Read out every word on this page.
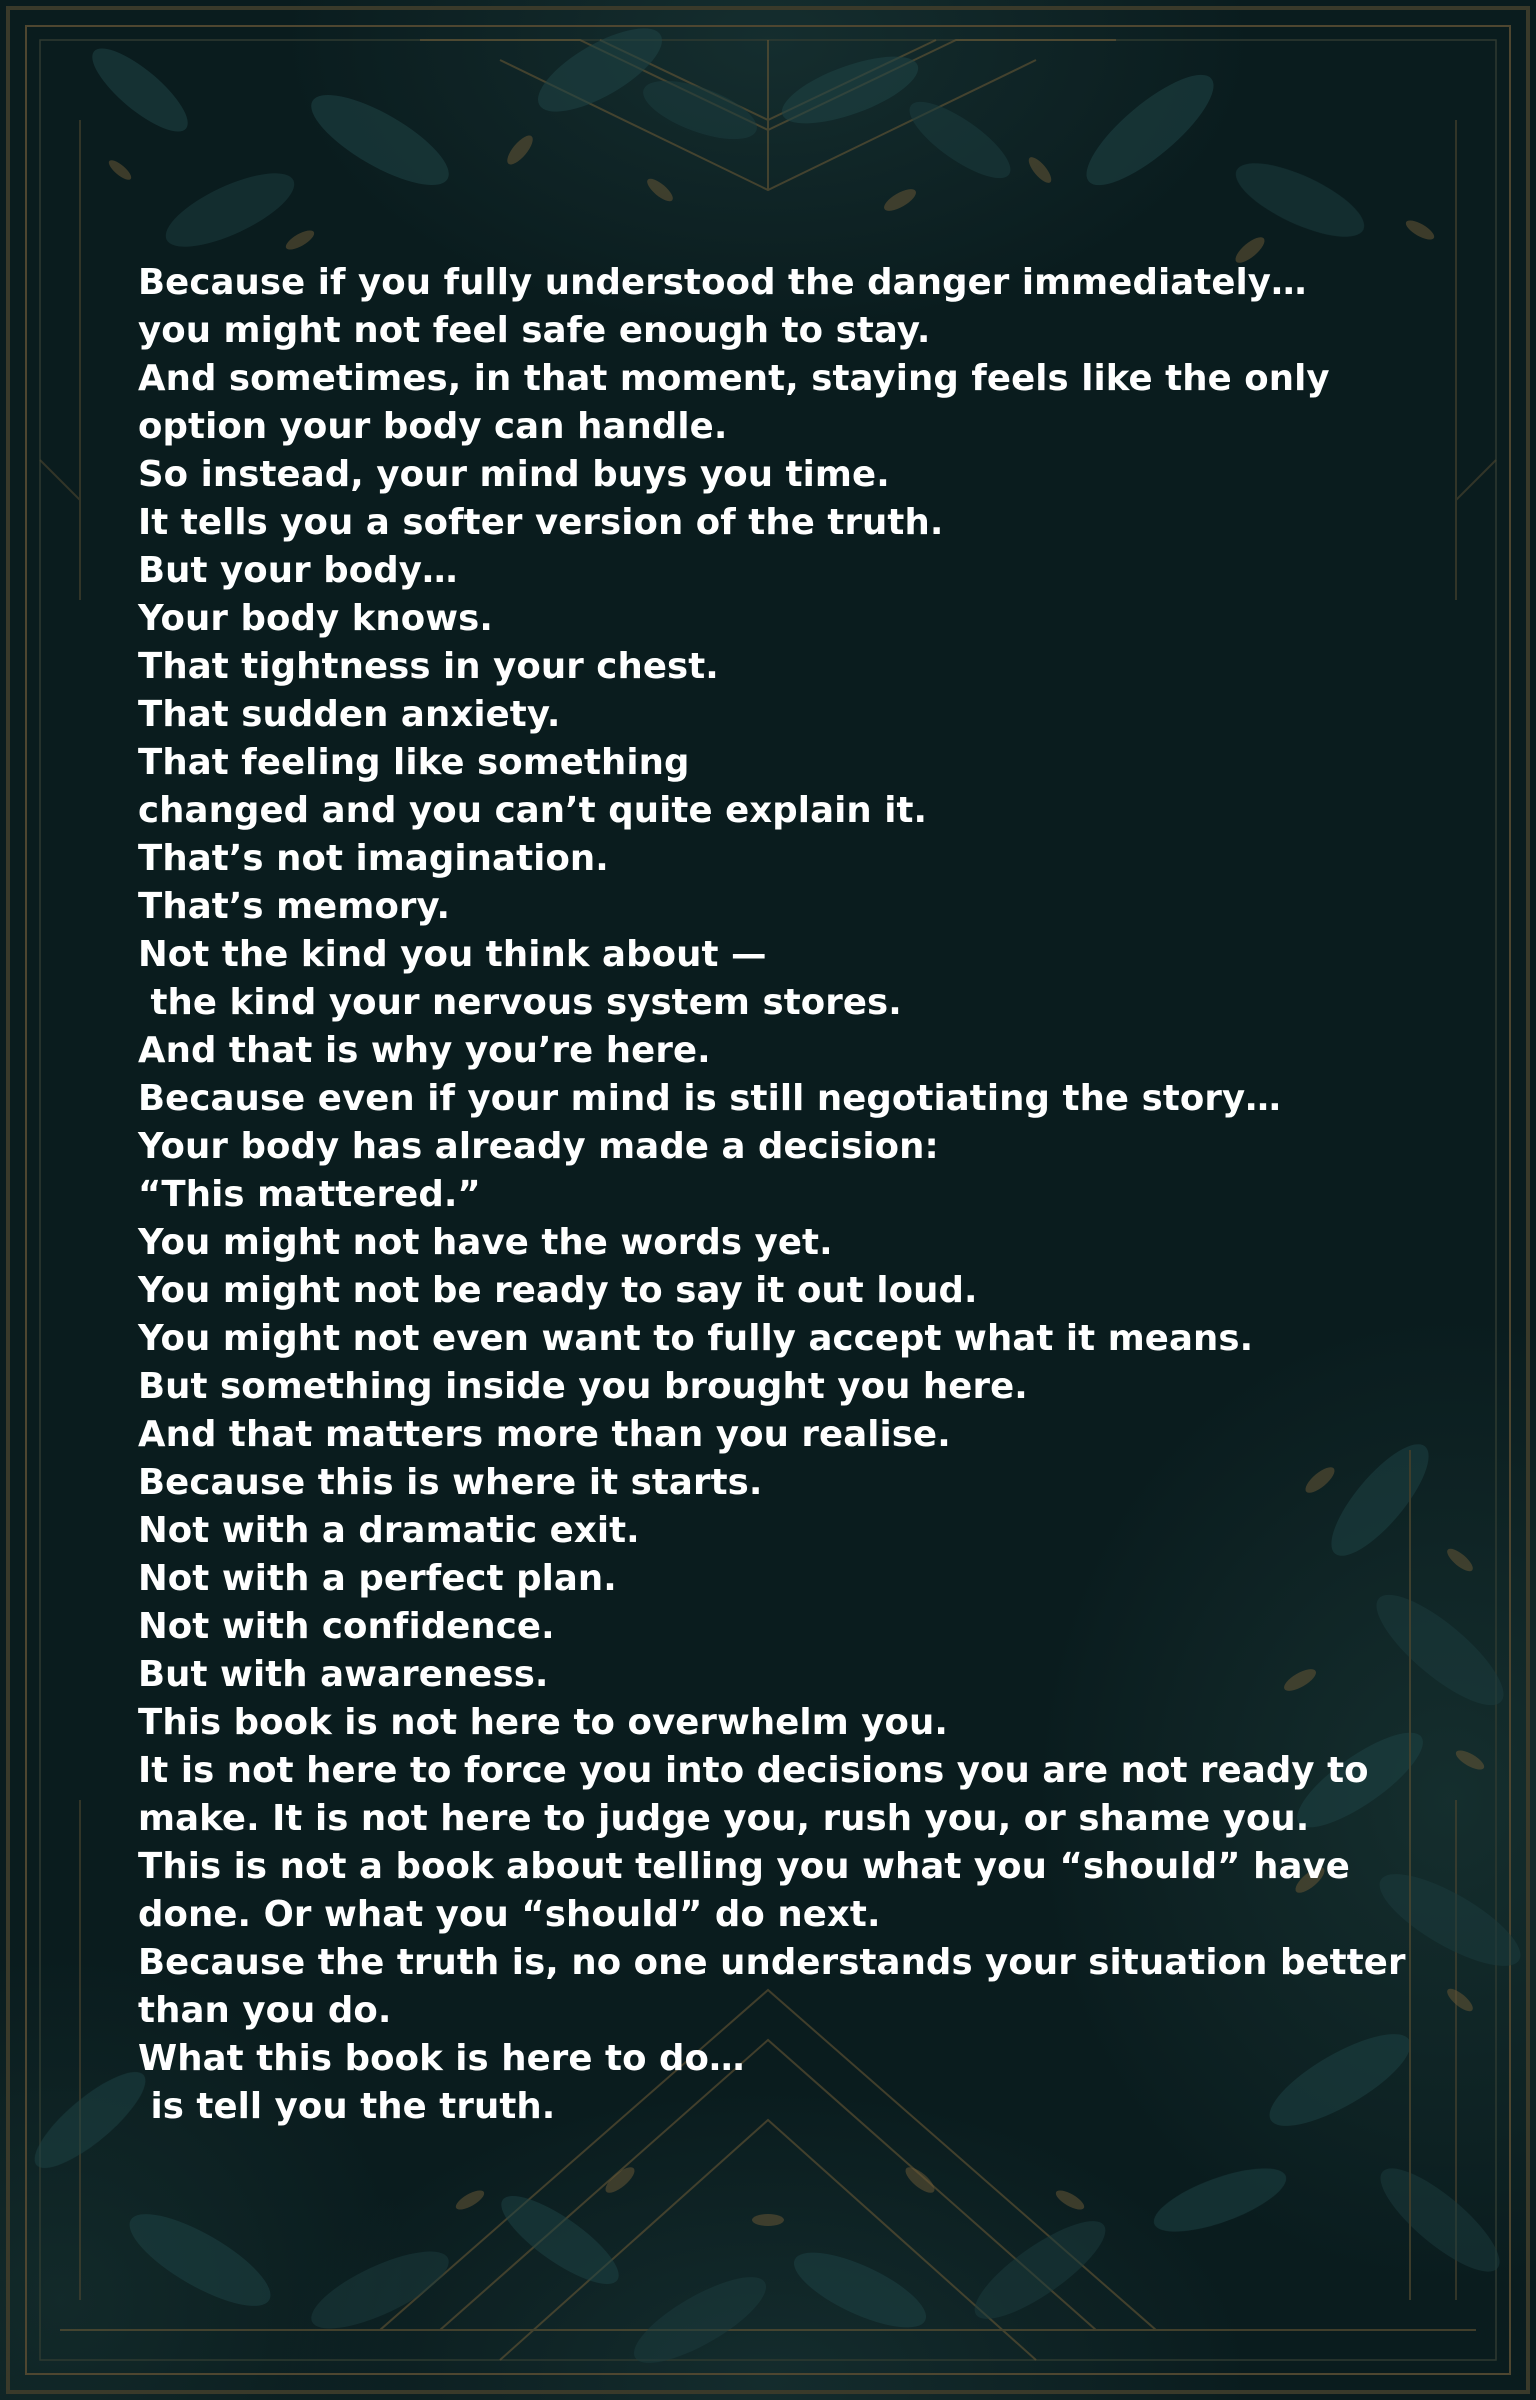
Because if you fully understood the danger immediately…
you might not feel safe enough to stay.
And sometimes, in that moment, staying feels like the only
option your body can handle.
So instead, your mind buys you time.
It tells you a softer version of the truth.
But your body…
Your body knows.
That tightness in your chest.
That sudden anxiety.
That feeling like something
changed and you can’t quite explain it.
That’s not imagination.
That’s memory.
Not the kind you think about —
the kind your nervous system stores.
And that is why you’re here.
Because even if your mind is still negotiating the story…
Your body has already made a decision:
“This mattered.”
You might not have the words yet.
You might not be ready to say it out loud.
You might not even want to fully accept what it means.
But something inside you brought you here.
And that matters more than you realise.
Because this is where it starts.
Not with a dramatic exit.
Not with a perfect plan.
Not with confidence.
But with awareness.
This book is not here to overwhelm you.
It is not here to force you into decisions you are not ready to
make. It is not here to judge you, rush you, or shame you.
This is not a book about telling you what you “should” have
done. Or what you “should” do next.
Because the truth is, no one understands your situation better
than you do.
What this book is here to do…
is tell you the truth.
